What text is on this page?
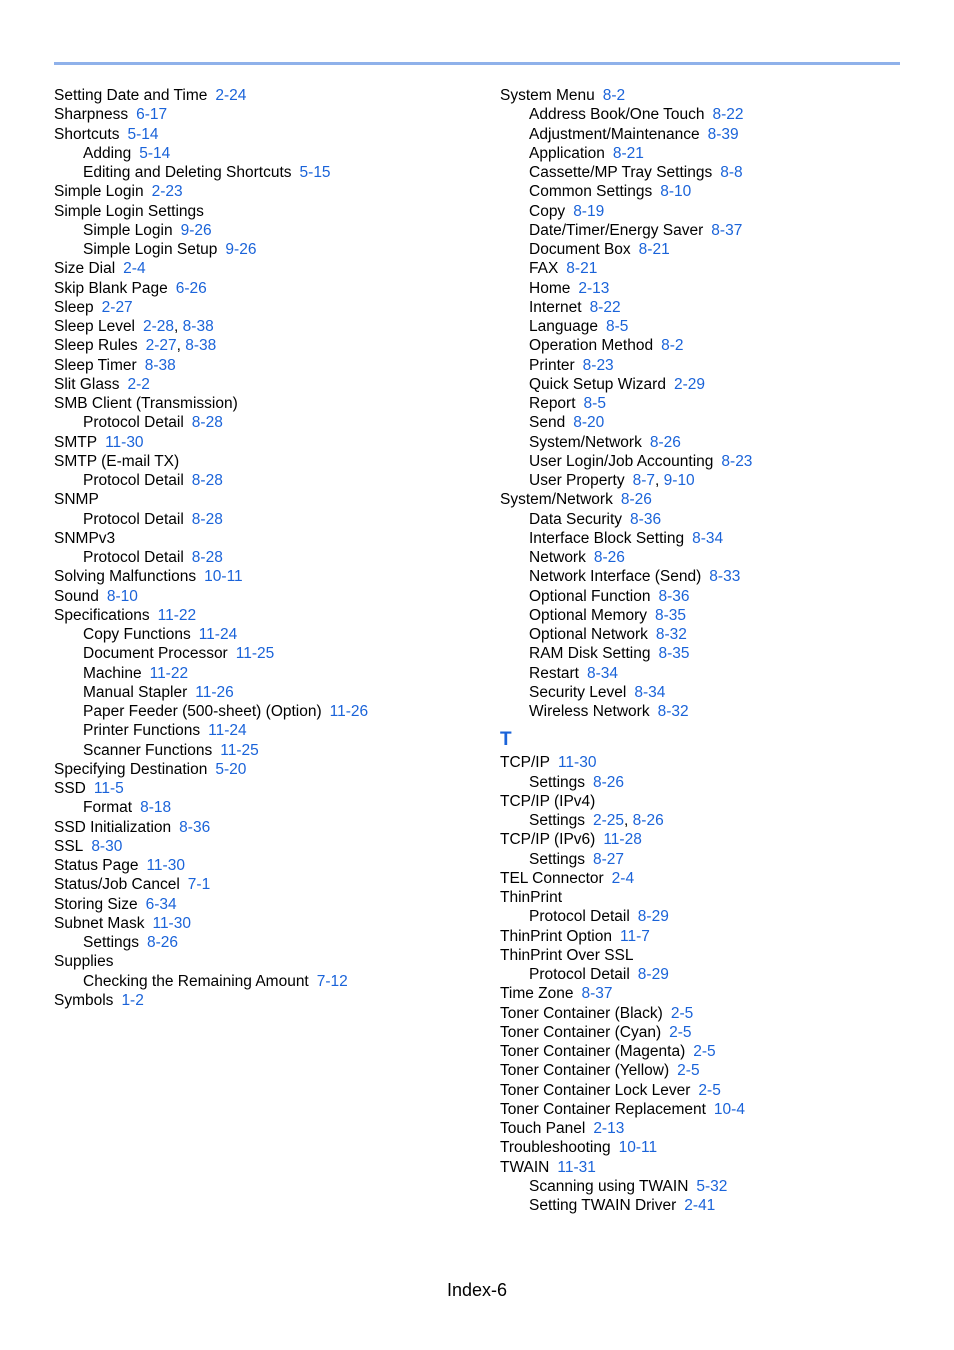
Setting Date and Time 2-24
Sharpness 6-17
Shortcuts 5-14
Adding 5-14
Editing and Deleting Shortcuts 5-15
Simple Login 2-23
Simple Login Settings
Simple Login 9-26
Simple Login Setup 9-26
Size Dial 2-4
Skip Blank Page 6-26
Sleep 2-27
Sleep Level 2-28, 8-38
Sleep Rules 2-27, 8-38
Sleep Timer 8-38
Slit Glass 2-2
SMB Client (Transmission)
Protocol Detail 8-28
SMTP 11-30
SMTP (E-mail TX)
Protocol Detail 8-28
SNMP
Protocol Detail 8-28
SNMPv3
Protocol Detail 8-28
Solving Malfunctions 10-11
Sound 8-10
Specifications 11-22
Copy Functions 11-24
Document Processor 11-25
Machine 11-22
Manual Stapler 11-26
Paper Feeder (500-sheet) (Option) 11-26
Printer Functions 11-24
Scanner Functions 11-25
Specifying Destination 5-20
SSD 11-5
Format 8-18
SSD Initialization 8-36
SSL 8-30
Status Page 11-30
Status/Job Cancel 7-1
Storing Size 6-34
Subnet Mask 11-30
Settings 8-26
Supplies
Checking the Remaining Amount 7-12
Symbols 1-2
System Menu 8-2
Address Book/One Touch 8-22
Adjustment/Maintenance 8-39
Application 8-21
Cassette/MP Tray Settings 8-8
Common Settings 8-10
Copy 8-19
Date/Timer/Energy Saver 8-37
Document Box 8-21
FAX 8-21
Home 2-13
Internet 8-22
Language 8-5
Operation Method 8-2
Printer 8-23
Quick Setup Wizard 2-29
Report 8-5
Send 8-20
System/Network 8-26
User Login/Job Accounting 8-23
User Property 8-7, 9-10
System/Network 8-26
Data Security 8-36
Interface Block Setting 8-34
Network 8-26
Network Interface (Send) 8-33
Optional Function 8-36
Optional Memory 8-35
Optional Network 8-32
RAM Disk Setting 8-35
Restart 8-34
Security Level 8-34
Wireless Network 8-32
T
TCP/IP 11-30
Settings 8-26
TCP/IP (IPv4)
Settings 2-25, 8-26
TCP/IP (IPv6) 11-28
Settings 8-27
TEL Connector 2-4
ThinPrint
Protocol Detail 8-29
ThinPrint Option 11-7
ThinPrint Over SSL
Protocol Detail 8-29
Time Zone 8-37
Toner Container (Black) 2-5
Toner Container (Cyan) 2-5
Toner Container (Magenta) 2-5
Toner Container (Yellow) 2-5
Toner Container Lock Lever 2-5
Toner Container Replacement 10-4
Touch Panel 2-13
Troubleshooting 10-11
TWAIN 11-31
Scanning using TWAIN 5-32
Setting TWAIN Driver 2-41
Index-6
